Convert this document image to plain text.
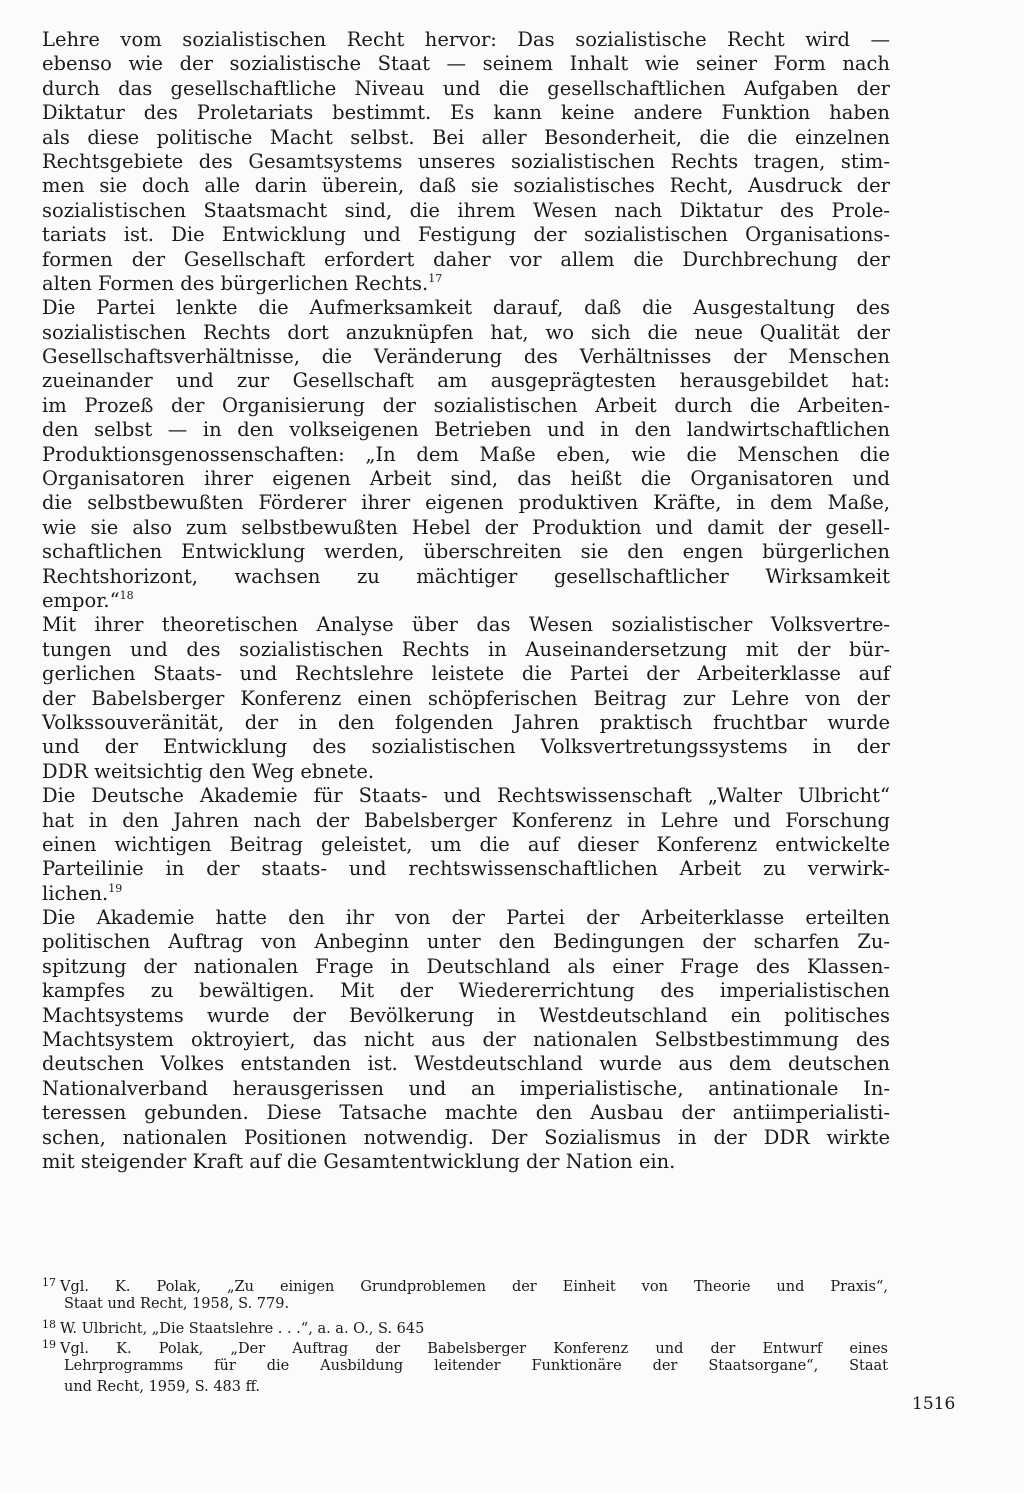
Lehre vom sozialistischen Recht hervor: Das sozialistische Recht wird —
ebenso wie der sozialistische Staat — seinem Inhalt wie seiner Form nach
durch das gesellschaftliche Niveau und die gesellschaftlichen Aufgaben der
Diktatur des Proletariats bestimmt. Es kann keine andere Funktion haben
als diese politische Macht selbst. Bei aller Besonderheit, die die einzelnen
Rechtsgebiete des Gesamtsystems unseres sozialistischen Rechts tragen, stim-
men sie doch alle darin überein, daß sie sozialistisches Recht, Ausdruck der
sozialistischen Staatsmacht sind, die ihrem Wesen nach Diktatur des Prole-
tariats ist. Die Entwicklung und Festigung der sozialistischen Organisations-
formen der Gesellschaft erfordert daher vor allem die Durchbrechung der
alten Formen des bürgerlichen Rechts.$^{17}$
Die Partei lenkte die Aufmerksamkeit darauf, daß die Ausgestaltung des
sozialistischen Rechts dort anzuknüpfen hat, wo sich die neue Qualität der
Gesellschaftsverhältnisse, die Veränderung des Verhältnisses der Menschen
zueinander und zur Gesellschaft am ausgeprägtesten herausgebildet hat:
im Prozeß der Organisierung der sozialistischen Arbeit durch die Arbeiten-
den selbst — in den volkseigenen Betrieben und in den landwirtschaftlichen
Produktionsgenossenschaften: „In dem Maße eben, wie die Menschen die
Organisatoren ihrer eigenen Arbeit sind, das heißt die Organisatoren und
die selbstbewußten Förderer ihrer eigenen produktiven Kräfte, in dem Maße,
wie sie also zum selbstbewußten Hebel der Produktion und damit der gesell-
schaftlichen Entwicklung werden, überschreiten sie den engen bürgerlichen
Rechtshorizont, wachsen zu mächtiger gesellschaftlicher Wirksamkeit
empor.“$^{18}$
Mit ihrer theoretischen Analyse über das Wesen sozialistischer Volksvertre-
tungen und des sozialistischen Rechts in Auseinandersetzung mit der bür-
gerlichen Staats- und Rechtslehre leistete die Partei der Arbeiterklasse auf
der Babelsberger Konferenz einen schöpferischen Beitrag zur Lehre von der
Volkssouveränität, der in den folgenden Jahren praktisch fruchtbar wurde
und der Entwicklung des sozialistischen Volksvertretungssystems in der
DDR weitsichtig den Weg ebnete.
Die Deutsche Akademie für Staats- und Rechtswissenschaft „Walter Ulbricht“
hat in den Jahren nach der Babelsberger Konferenz in Lehre und Forschung
einen wichtigen Beitrag geleistet, um die auf dieser Konferenz entwickelte
Parteilinie in der staats- und rechtswissenschaftlichen Arbeit zu verwirk-
lichen.$^{19}$
Die Akademie hatte den ihr von der Partei der Arbeiterklasse erteilten
politischen Auftrag von Anbeginn unter den Bedingungen der scharfen Zu-
spitzung der nationalen Frage in Deutschland als einer Frage des Klassen-
kampfes zu bewältigen. Mit der Wiedererrichtung des imperialistischen
Machtsystems wurde der Bevölkerung in Westdeutschland ein politisches
Machtsystem oktroyiert, das nicht aus der nationalen Selbstbestimmung des
deutschen Volkes entstanden ist. Westdeutschland wurde aus dem deutschen
Nationalverband herausgerissen und an imperialistische, antinationale In-
teressen gebunden. Diese Tatsache machte den Ausbau der antiimperialisti-
schen, nationalen Positionen notwendig. Der Sozialismus in der DDR wirkte
mit steigender Kraft auf die Gesamtentwicklung der Nation ein.
$^{17}$ Vgl. K. Polak, „Zu einigen Grundproblemen der Einheit von Theorie und Praxis“,
Staat und Recht, 1958, S. 779.
$^{18}$ W. Ulbricht, „Die Staatslehre . . .“, a. a. O., S. 645
$^{19}$ Vgl. K. Polak, „Der Auftrag der Babelsberger Konferenz und der Entwurf eines
Lehrprogramms für die Ausbildung leitender Funktionäre der Staatsorgane“, Staat
und Recht, 1959, S. 483 ff.
1516
